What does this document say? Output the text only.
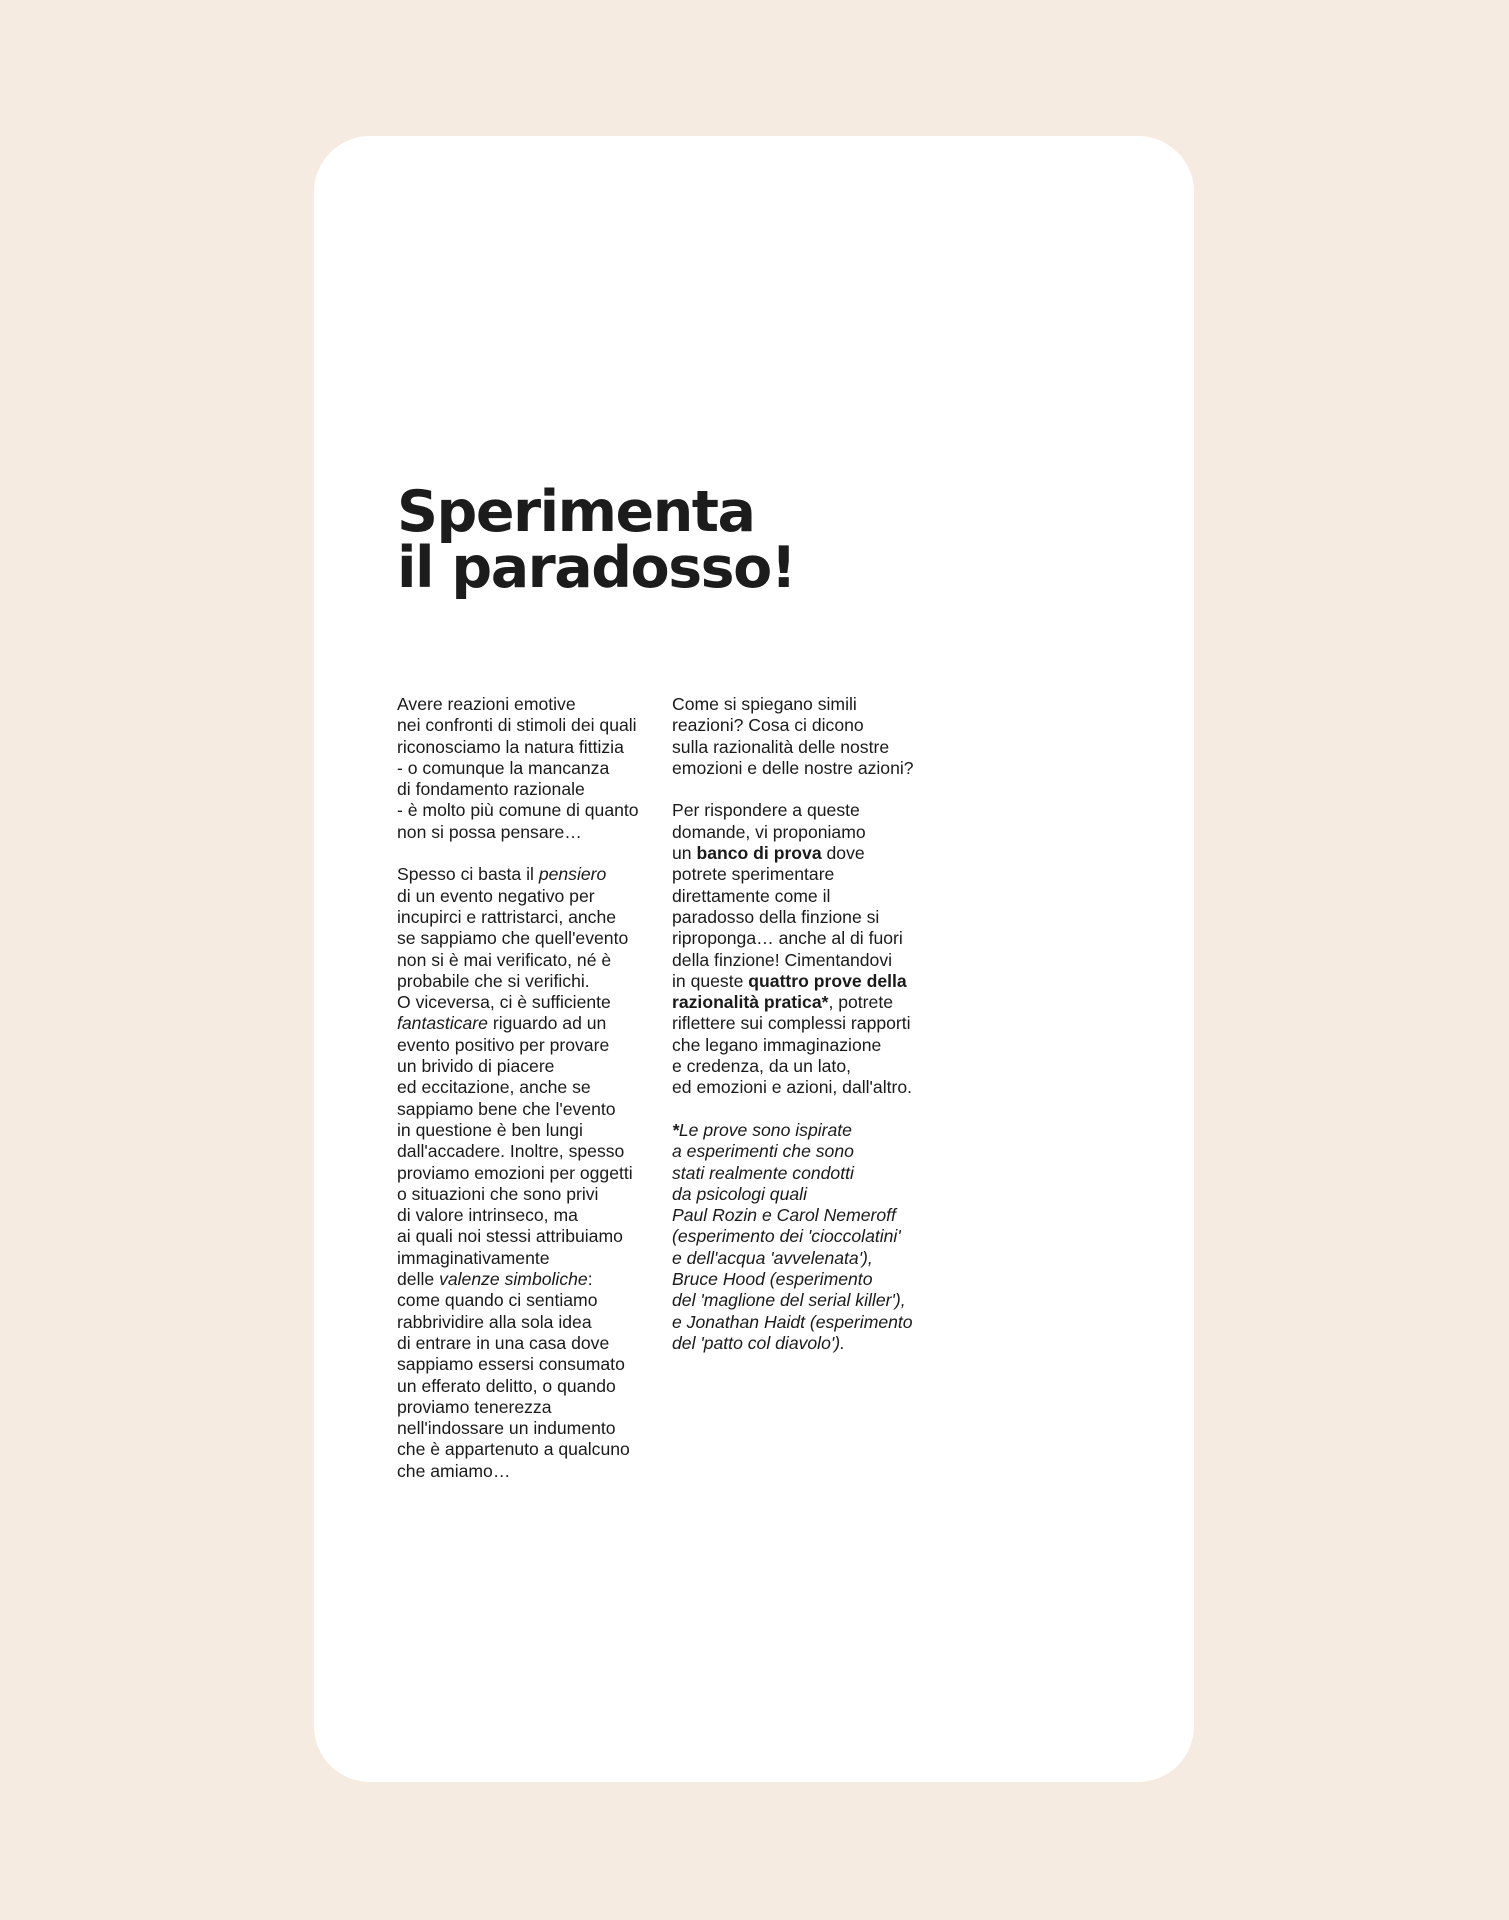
Sperimenta
il paradosso!

Avere reazioni emotive
nei confronti di stimoli dei quali
riconosciamo la natura fittizia
- o comunque la mancanza
di fondamento razionale
- è molto più comune di quanto
non si possa pensare…

Spesso ci basta il pensiero
di un evento negativo per
incupirci e rattristarci, anche
se sappiamo che quell'evento
non si è mai verificato, né è
probabile che si verifichi.
O viceversa, ci è sufficiente
fantasticare riguardo ad un
evento positivo per provare
un brivido di piacere
ed eccitazione, anche se
sappiamo bene che l'evento
in questione è ben lungi
dall'accadere. Inoltre, spesso
proviamo emozioni per oggetti
o situazioni che sono privi
di valore intrinseco, ma
ai quali noi stessi attribuiamo
immaginativamente
delle valenze simboliche:
come quando ci sentiamo
rabbrividire alla sola idea
di entrare in una casa dove
sappiamo essersi consumato
un efferato delitto, o quando
proviamo tenerezza
nell'indossare un indumento
che è appartenuto a qualcuno
che amiamo…

Come si spiegano simili
reazioni? Cosa ci dicono
sulla razionalità delle nostre
emozioni e delle nostre azioni?

Per rispondere a queste
domande, vi proponiamo
un banco di prova dove
potrete sperimentare
direttamente come il
paradosso della finzione si
riproponga… anche al di fuori
della finzione! Cimentandovi
in queste quattro prove della
razionalità pratica*, potrete
riflettere sui complessi rapporti
che legano immaginazione
e credenza, da un lato,
ed emozioni e azioni, dall'altro.

*Le prove sono ispirate
a esperimenti che sono
stati realmente condotti
da psicologi quali
Paul Rozin e Carol Nemeroff
(esperimento dei 'cioccolatini'
e dell'acqua 'avvelenata'),
Bruce Hood (esperimento
del 'maglione del serial killer'),
e Jonathan Haidt (esperimento
del 'patto col diavolo').
